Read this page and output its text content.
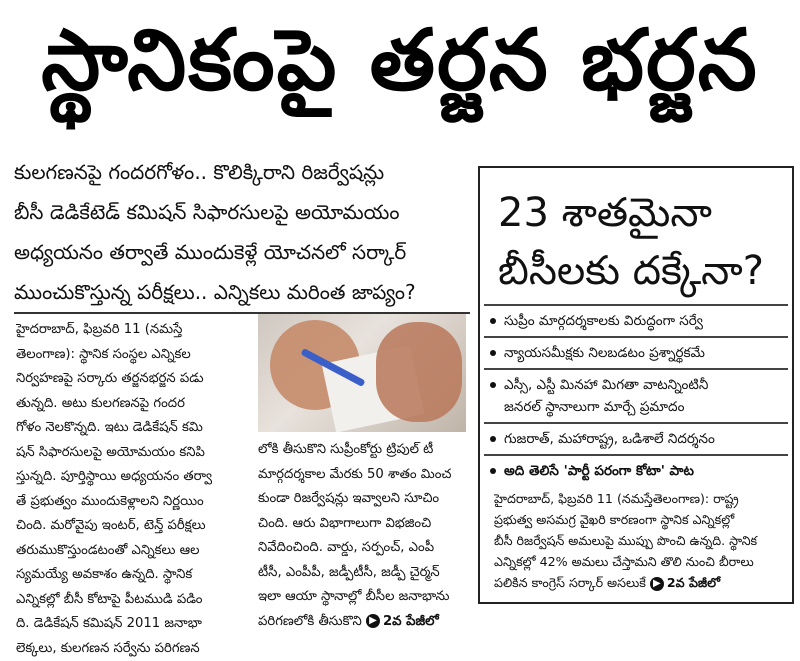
స్థానికంపై తర్జన భర్జన
కులగణనపై గందరగోళం.. కొలిక్కిరాని రిజర్వేషన్లు
బీసీ డెడికేటెడ్ కమిషన్ సిఫారసులపై అయోమయం
అధ్యయనం తర్వాతే ముందుకెళ్లే యోచనలో సర్కార్
ముంచుకొస్తున్న పరీక్షలు.. ఎన్నికలు మరింత జాప్యం?
హైదరాబాద్, ఫిబ్రవరి 11 (నమస్తే
తెలంగాణ): స్థానిక సంస్థల ఎన్నికల
నిర్వహణపై సర్కారు తర్జనభర్జన పడు
తున్నది. అటు కులగణనపై గందర
గోళం నెలకొన్నది. ఇటు డెడికేషన్ కమి
షన్ సిఫారసులపై అయోమయం కనిపి
స్తున్నది. పూర్తిస్థాయి అధ్యయనం తర్వా
తే ప్రభుత్వం ముందుకెళ్లాలని నిర్ణయిం
చింది. మరోవైపు ఇంటర్, టెన్త్ పరీక్షలు
తరుముకొస్తుండటంతో ఎన్నికలు ఆల
స్యమయ్యే అవకాశం ఉన్నది. స్థానిక
ఎన్నికల్లో బీసీ కోటాపై పీటముడి పడిం
ది. డెడికేషన్ కమిషన్ 2011 జనాభా
లెక్కలు, కులగణన సర్వేను పరిగణన
లోకి తీసుకొని సుప్రీంకోర్టు ట్రిపుల్ టీ
మార్గదర్శకాల మేరకు 50 శాతం మించ
కుండా రిజర్వేషన్లు ఇవ్వాలని సూచిం
చింది. ఆరు విభాగాలుగా విభజించి
నివేదించింది. వార్డు, సర్పంచ్, ఎంపీ
టీసీ, ఎంపీపీ, జడ్పీటీసీ, జడ్పీ చైర్మన్
ఇలా ఆయా స్థానాల్లో బీసీల జనాభాను
పరిగణలోకి తీసుకొని ▶ 2వ పేజీలో
23 శాతమైనా
బీసీలకు దక్కేనా?
సుప్రీం మార్గదర్శకాలకు విరుద్ధంగా సర్వే
న్యాయసమీక్షకు నిలబడటం ప్రశ్నార్థకమే
ఎస్సీ, ఎస్టీ మినహా మిగతా వాటన్నింటినీ
జనరల్ స్థానాలుగా మార్చే ప్రమాదం
గుజరాత్, మహారాష్ట్ర, ఒడిశాలే నిదర్శనం
అది తెలిసే 'పార్టీ పరంగా కోటా' పాట
హైదరాబాద్, ఫిబ్రవరి 11 (నమస్తేతెలంగాణ): రాష్ట్ర
ప్రభుత్వ అసమగ్ర వైఖరి కారణంగా స్థానిక ఎన్నికల్లో
బీసీ రిజర్వేషన్ అమలుపై ముప్పు పొంచి ఉన్నది. స్థానిక
ఎన్నికల్లో 42% అమలు చేస్తామని తొలి నుంచి బీరాలు
పలికిన కాంగ్రెస్ సర్కార్ అసలుకే ▶ 2వ పేజీలో
